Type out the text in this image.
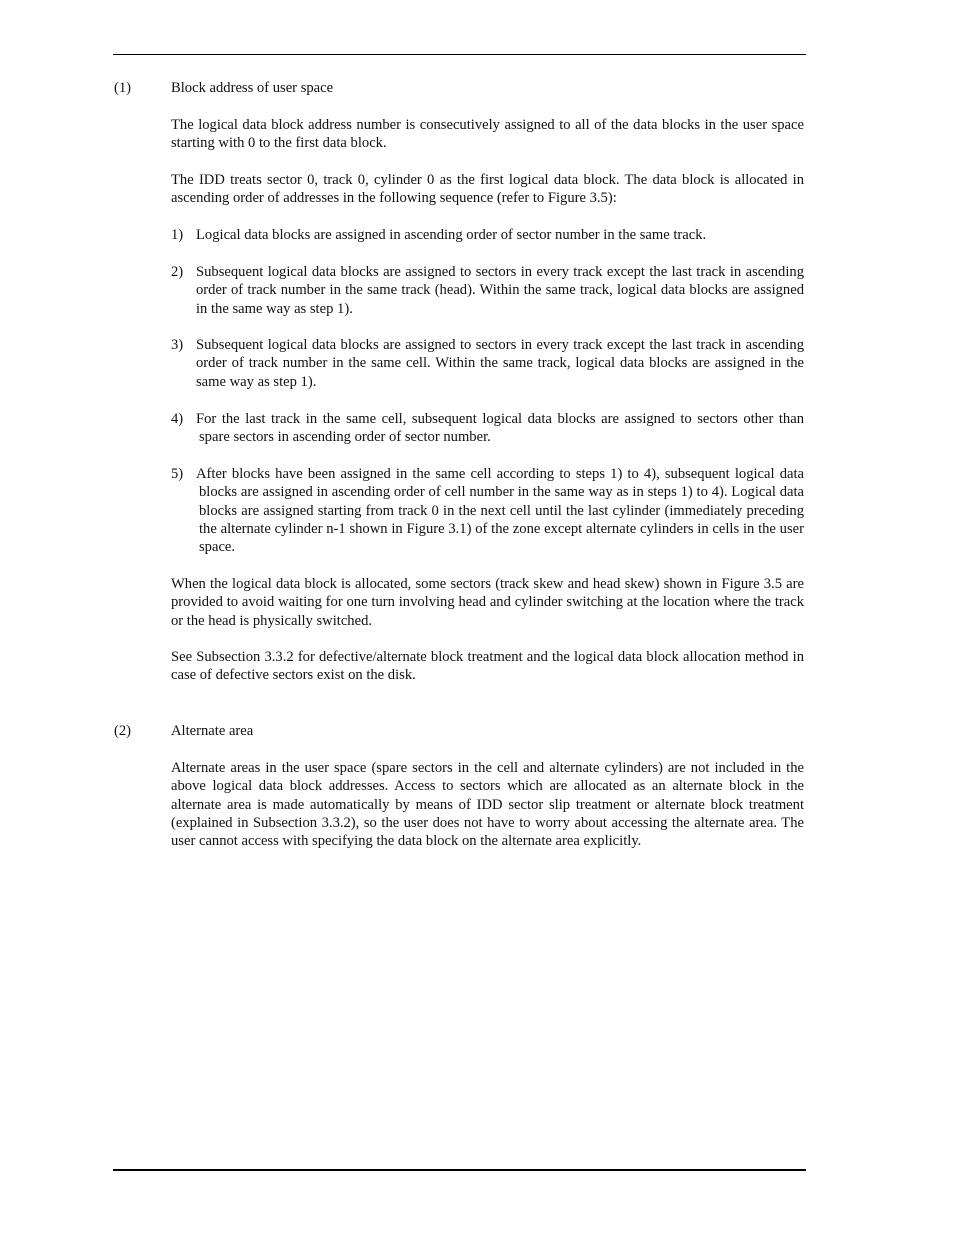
(1)	Block address of user space

The logical data block address number is consecutively assigned to all of the data blocks in the user space starting with 0 to the first data block.

The IDD treats sector 0, track 0, cylinder 0 as the first logical data block. The data block is allocated in ascending order of addresses in the following sequence (refer to Figure 3.5):

1) Logical data blocks are assigned in ascending order of sector number in the same track.

2) Subsequent logical data blocks are assigned to sectors in every track except the last track in ascending order of track number in the same track (head). Within the same track, logical data blocks are assigned in the same way as step 1).

3) Subsequent logical data blocks are assigned to sectors in every track except the last track in ascending order of track number in the same cell. Within the same track, logical data blocks are assigned in the same way as step 1).

4) For the last track in the same cell, subsequent logical data blocks are assigned to sectors other than spare sectors in ascending order of sector number.

5) After blocks have been assigned in the same cell according to steps 1) to 4), subsequent logical data blocks are assigned in ascending order of cell number in the same way as in steps 1) to 4). Logical data blocks are assigned starting from track 0 in the next cell until the last cylinder (immediately preceding the alternate cylinder n-1 shown in Figure 3.1) of the zone except alternate cylinders in cells in the user space.

When the logical data block is allocated, some sectors (track skew and head skew) shown in Figure 3.5 are provided to avoid waiting for one turn involving head and cylinder switching at the location where the track or the head is physically switched.

See Subsection 3.3.2 for defective/alternate block treatment and the logical data block allocation method in case of defective sectors exist on the disk.

(2)	Alternate area

Alternate areas in the user space (spare sectors in the cell and alternate cylinders) are not included in the above logical data block addresses. Access to sectors which are allocated as an alternate block in the alternate area is made automatically by means of IDD sector slip treatment or alternate block treatment (explained in Subsection 3.3.2), so the user does not have to worry about accessing the alternate area. The user cannot access with specifying the data block on the alternate area explicitly.
